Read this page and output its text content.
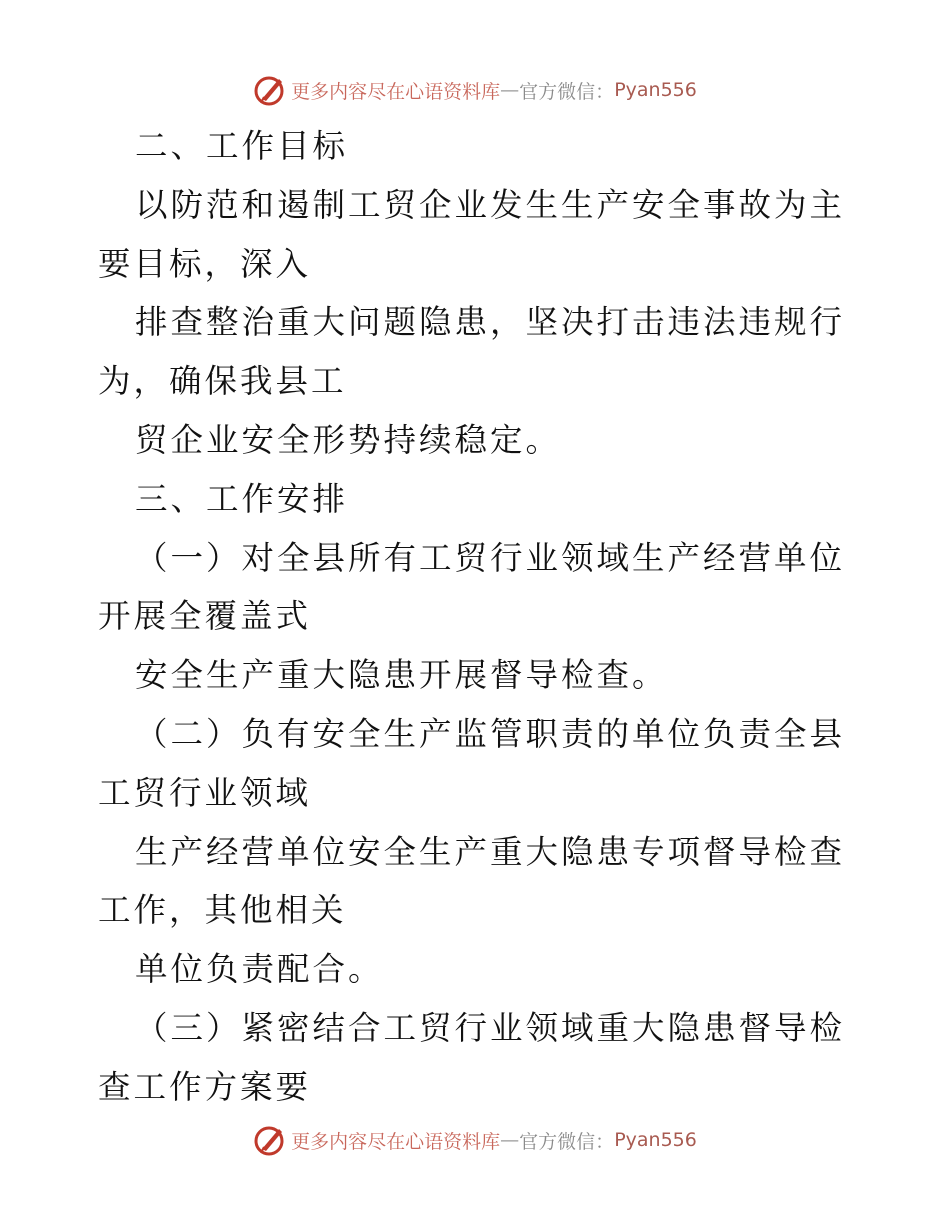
更多内容尽在心语资料库 — 官方微信： Pyan556

二、工作目标

以防范和遏制工贸企业发生生产安全事故为主要目标，深入

排查整治重大问题隐患，坚决打击违法违规行为，确保我县工

贸企业安全形势持续稳定。

三、工作安排

（一）对全县所有工贸行业领域生产经营单位开展全覆盖式

安全生产重大隐患开展督导检查。

（二）负有安全生产监管职责的单位负责全县工贸行业领域

生产经营单位安全生产重大隐患专项督导检查工作，其他相关

单位负责配合。

（三）紧密结合工贸行业领域重大隐患督导检查工作方案要

更多内容尽在心语资料库 — 官方微信： Pyan556
